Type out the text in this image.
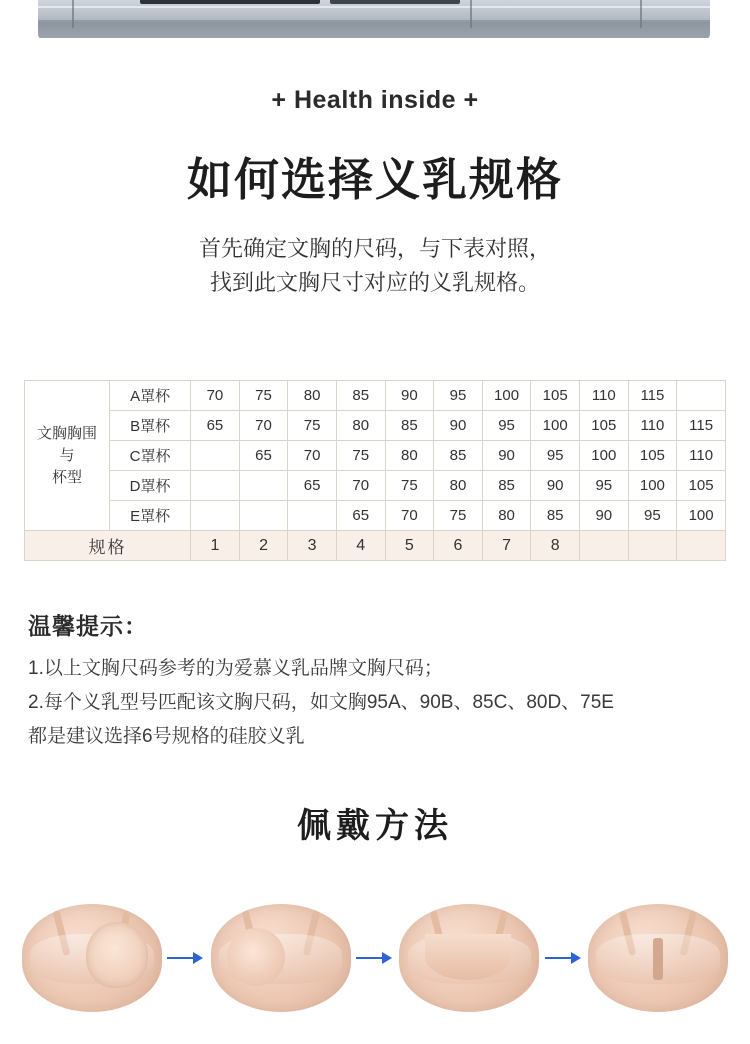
+ Health inside +
如何选择义乳规格
首先确定文胸的尺码，与下表对照，
找到此文胸尺寸对应的义乳规格。
文胸胸围
与
杯型	A罩杯	70	75	80	85	90	95	100	105	110	115	
	B罩杯	65	70	75	80	85	90	95	100	105	110	115
	C罩杯		65	70	75	80	85	90	95	100	105	110
	D罩杯			65	70	75	80	85	90	95	100	105
	E罩杯				65	70	75	80	85	90	95	100
规格		1	2	3	4	5	6	7	8			
温馨提示：
1.以上文胸尺码参考的为爱慕义乳品牌文胸尺码；
2.每个义乳型号匹配该文胸尺码，如文胸95A、90B、85C、80D、75E
都是建议选择6号规格的硅胶义乳
佩戴方法
